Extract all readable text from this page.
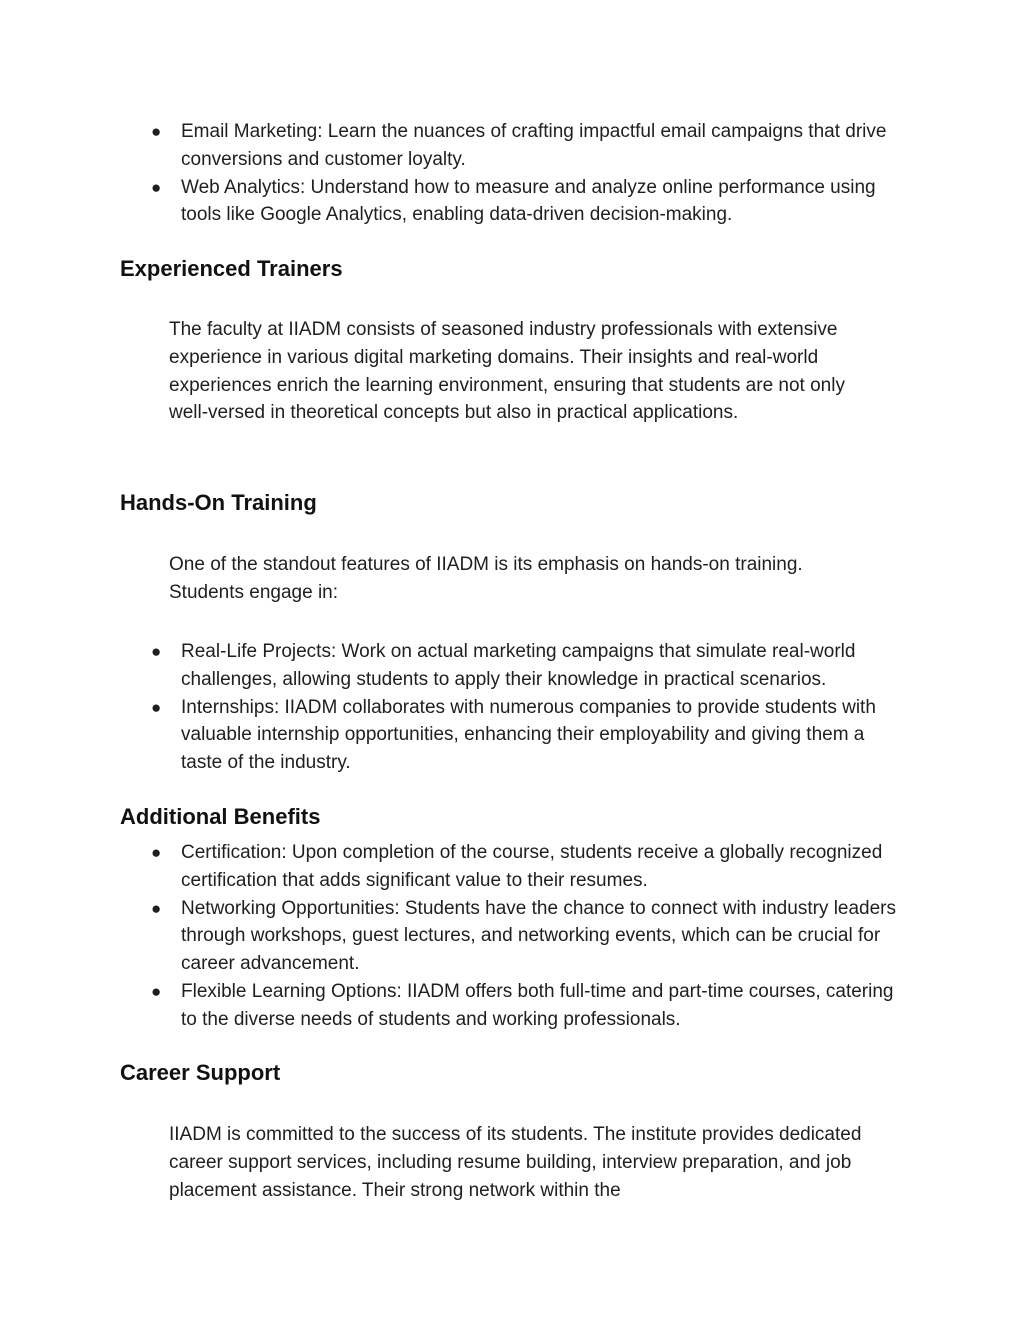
● Email Marketing: Learn the nuances of crafting impactful email campaigns that drive conversions and customer loyalty.
● Web Analytics: Understand how to measure and analyze online performance using tools like Google Analytics, enabling data-driven decision-making.
Experienced Trainers

The faculty at IIADM consists of seasoned industry professionals with extensive experience in various digital marketing domains. Their insights and real-world experiences enrich the learning environment, ensuring that students are not only well-versed in theoretical concepts but also in practical applications.

Hands-On Training

One of the standout features of IIADM is its emphasis on hands-on training. Students engage in:

● Real-Life Projects: Work on actual marketing campaigns that simulate real-world challenges, allowing students to apply their knowledge in practical scenarios.
● Internships: IIADM collaborates with numerous companies to provide students with valuable internship opportunities, enhancing their employability and giving them a taste of the industry.
Additional Benefits
● Certification: Upon completion of the course, students receive a globally recognized certification that adds significant value to their resumes.
● Networking Opportunities: Students have the chance to connect with industry leaders through workshops, guest lectures, and networking events, which can be crucial for career advancement.
● Flexible Learning Options: IIADM offers both full-time and part-time courses, catering to the diverse needs of students and working professionals.
Career Support

IIADM is committed to the success of its students. The institute provides dedicated career support services, including resume building, interview preparation, and job placement assistance. Their strong network within the
